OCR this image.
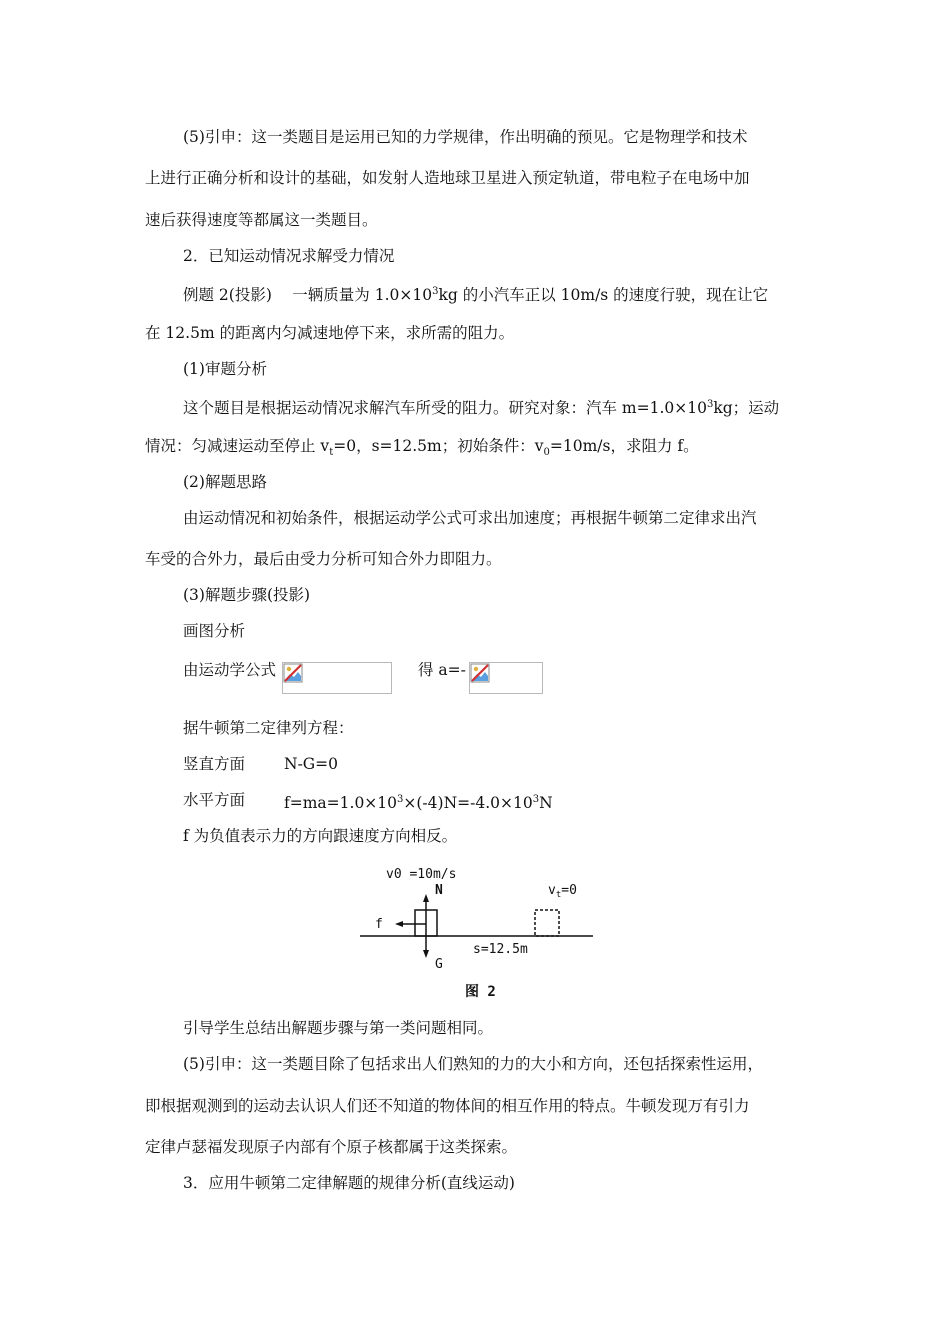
(5)引申：这一类题目是运用已知的力学规律，作出明确的预见。它是物理学和技术
上进行正确分析和设计的基础，如发射人造地球卫星进入预定轨道，带电粒子在电场中加
速后获得速度等都属这一类题目。
2．已知运动情况求解受力情况
例题 2(投影)　 一辆质量为 $1.0\times 10^3kg$ 的小汽车正以 10m/s 的速度行驶，现在让它
在 12.5m 的距离内匀减速地停下来，求所需的阻力。
(1)审题分析
这个题目是根据运动情况求解汽车所受的阻力。研究对象：汽车 $m=1.0\times 10^3kg$；运动
情况：匀减速运动至停止 $v_t=0$，s=12.5m；初始条件：$v_0=10m/s$，求阻力 f。
(2)解题思路
由运动情况和初始条件，根据运动学公式可求出加速度；再根据牛顿第二定律求出汽
车受的合外力，最后由受力分析可知合外力即阻力。
(3)解题步骤(投影)
画图分析
由运动学公式	得 a=-
据牛顿第二定律列方程：
竖直方面	N-G=0
水平方面	$f=ma=1.0\times 10^3\times(-4)N=-4.0\times 10^3N$
f 为负值表示力的方向跟速度方向相反。
v0 =10m/s
N	$v_t=0$
f
s=12.5m
G
图 2
引导学生总结出解题步骤与第一类问题相同。
(5)引申：这一类题目除了包括求出人们熟知的力的大小和方向，还包括探索性运用，
即根据观测到的运动去认识人们还不知道的物体间的相互作用的特点。牛顿发现万有引力
定律卢瑟福发现原子内部有个原子核都属于这类探索。
3．应用牛顿第二定律解题的规律分析(直线运动)
